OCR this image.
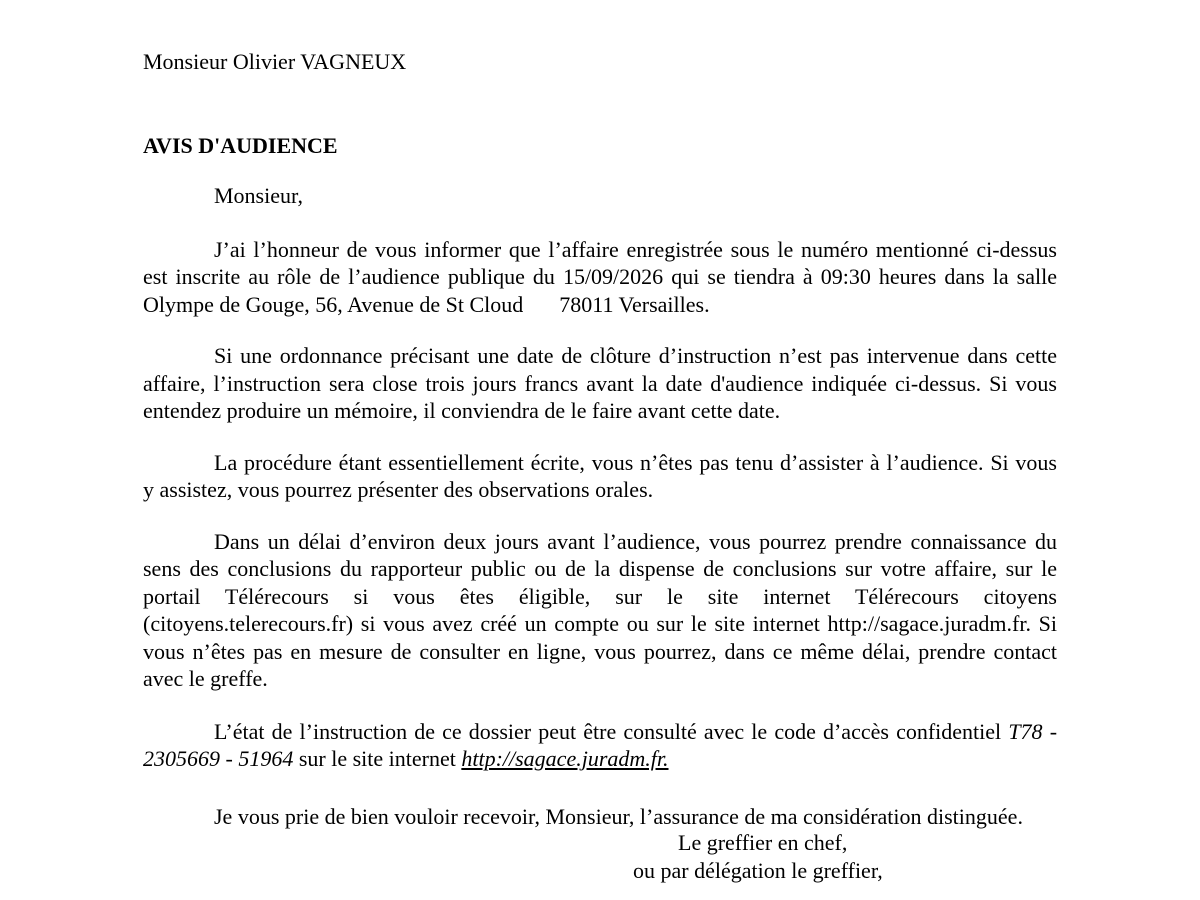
Monsieur Olivier VAGNEUX

AVIS D'AUDIENCE

Monsieur,

J’ai l’honneur de vous informer que l’affaire enregistrée sous le numéro mentionné ci-dessus est inscrite au rôle de l’audience publique du 15/09/2026 qui se tiendra à 09:30 heures dans la salle Olympe de Gouge, 56, Avenue de St Cloud 78011 Versailles.

Si une ordonnance précisant une date de clôture d’instruction n’est pas intervenue dans cette affaire, l’instruction sera close trois jours francs avant la date d'audience indiquée ci-dessus. Si vous entendez produire un mémoire, il conviendra de le faire avant cette date.

La procédure étant essentiellement écrite, vous n’êtes pas tenu d’assister à l’audience. Si vous y assistez, vous pourrez présenter des observations orales.

Dans un délai d’environ deux jours avant l’audience, vous pourrez prendre connaissance du sens des conclusions du rapporteur public ou de la dispense de conclusions sur votre affaire, sur le portail Télérecours si vous êtes éligible, sur le site internet Télérecours citoyens (citoyens.telerecours.fr) si vous avez créé un compte ou sur le site internet http://sagace.juradm.fr. Si vous n’êtes pas en mesure de consulter en ligne, vous pourrez, dans ce même délai, prendre contact avec le greffe.

L’état de l’instruction de ce dossier peut être consulté avec le code d’accès confidentiel T78 - 2305669 - 51964 sur le site internet http://sagace.juradm.fr.

Je vous prie de bien vouloir recevoir, Monsieur, l’assurance de ma considération distinguée.

Le greffier en chef,
ou par délégation le greffier,
